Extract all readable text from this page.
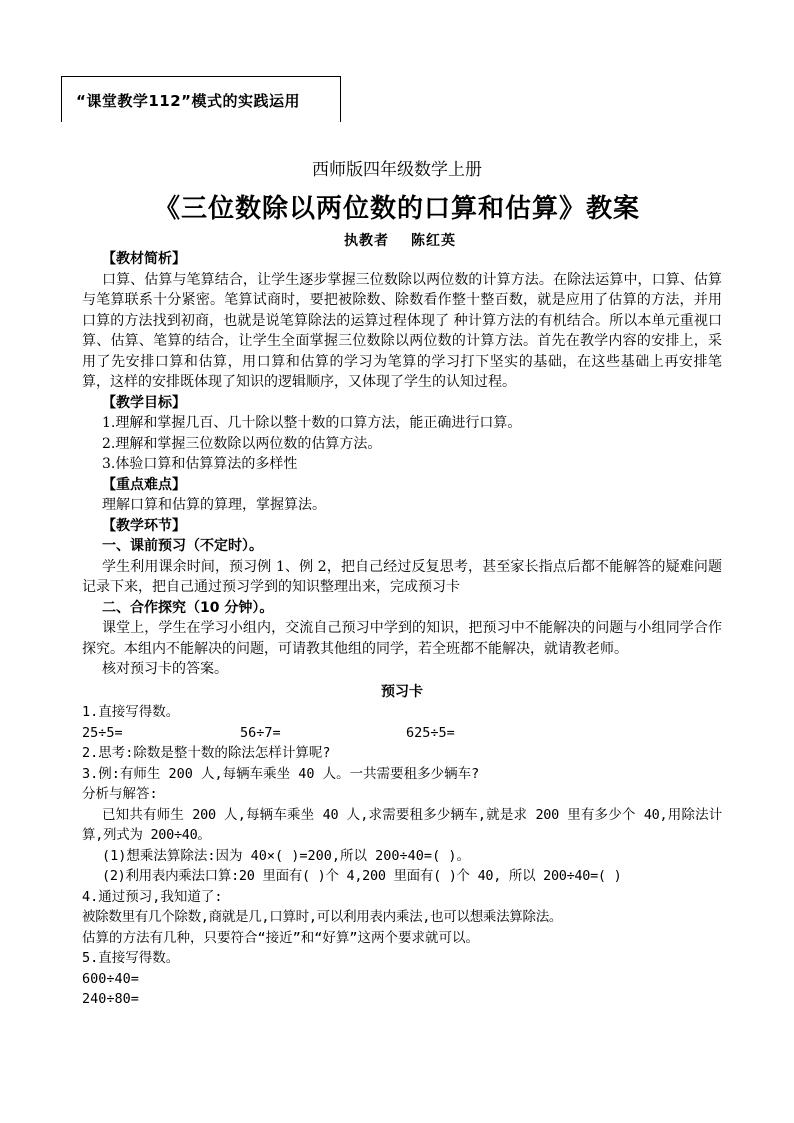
“课堂教学112”模式的实践运用
西师版四年级数学上册
《三位数除以两位数的口算和估算》教案
执教者 陈红英

【教材简析】

口算、估算与笔算结合，让学生逐步掌握三位数除以两位数的计算方法。在除法运算中，口算、估算与笔算联系十分紧密。笔算试商时，要把被除数、除数看作整十整百数，就是应用了估算的方法，并用口算的方法找到初商，也就是说笔算除法的运算过程体现了 种计算方法的有机结合。所以本单元重视口算、估算、笔算的结合，让学生全面掌握三位数除以两位数的计算方法。首先在教学内容的安排上，采用了先安排口算和估算，用口算和估算的学习为笔算的学习打下坚实的基础，在这些基础上再安排笔算，这样的安排既体现了知识的逻辑顺序，又体现了学生的认知过程。

【教学目标】

1.理解和掌握几百、几十除以整十数的口算方法，能正确进行口算。

2.理解和掌握三位数除以两位数的估算方法。

3.体验口算和估算算法的多样性

【重点难点】

理解口算和估算的算理，掌握算法。

【教学环节】

一、课前预习（不定时）。

学生利用课余时间，预习例 1、例 2，把自己经过反复思考，甚至家长指点后都不能解答的疑难问题记录下来，把自己通过预习学到的知识整理出来，完成预习卡

二、合作探究（10 分钟）。

课堂上，学生在学习小组内，交流自己预习中学到的知识，把预习中不能解决的问题与小组同学合作探究。本组内不能解决的问题，可请教其他组的同学，若全班都不能解决，就请教老师。

核对预习卡的答案。

预习卡

1.直接写得数。

25÷5=	56÷7=	625÷5=

2.思考:除数是整十数的除法怎样计算呢?

3.例:有师生 200 人,每辆车乘坐 40 人。一共需要租多少辆车?

分析与解答:

已知共有师生 200 人,每辆车乘坐 40 人,求需要租多少辆车,就是求 200 里有多少个 40,用除法计算,列式为 200÷40。

(1)想乘法算除法:因为 40×( )=200,所以 200÷40=( )。

(2)利用表内乘法口算:20 里面有( )个 4,200 里面有( )个 40, 所以 200÷40=( )

4.通过预习,我知道了:

被除数里有几个除数,商就是几,口算时,可以利用表内乘法,也可以想乘法算除法。

估算的方法有几种，只要符合“接近”和“好算”这两个要求就可以。

5.直接写得数。

600÷40=

240÷80=
